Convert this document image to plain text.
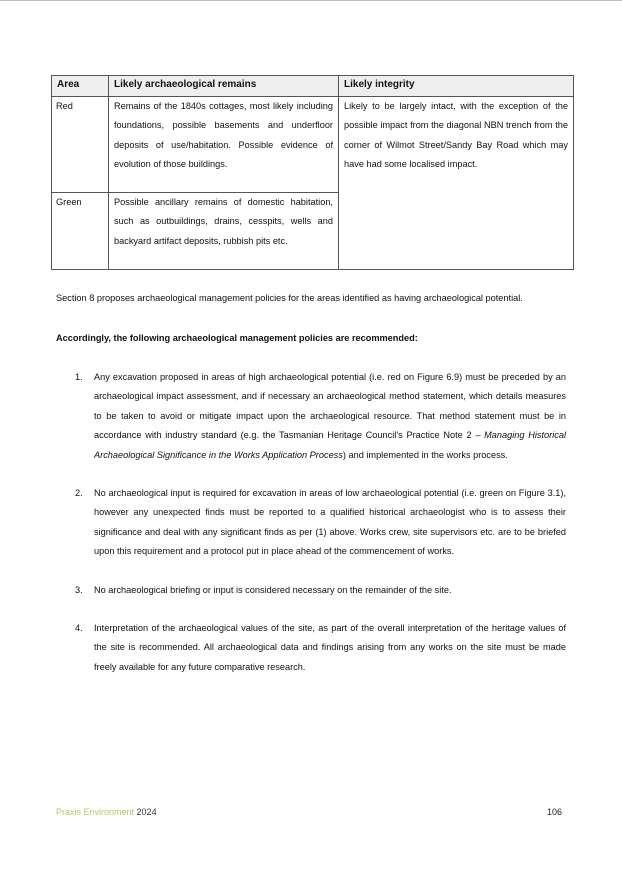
Area	Likely archaeological remains	Likely integrity
Red	Remains of the 1840s cottages, most likely including foundations, possible basements and underfloor deposits of use/habitation. Possible evidence of evolution of those buildings.	Likely to be largely intact, with the exception of the possible impact from the diagonal NBN trench from the corner of Wilmot Street/Sandy Bay Road which may have had some localised impact.
Green	Possible ancillary remains of domestic habitation, such as outbuildings, drains, cesspits, wells and backyard artifact deposits, rubbish pits etc.	

Section 8 proposes archaeological management policies for the areas identified as having archaeological potential.

Accordingly, the following archaeological management policies are recommended:

1. Any excavation proposed in areas of high archaeological potential (i.e. red on Figure 6.9) must be preceded by an archaeological impact assessment, and if necessary an archaeological method statement, which details measures to be taken to avoid or mitigate impact upon the archaeological resource. That method statement must be in accordance with industry standard (e.g. the Tasmanian Heritage Council’s Practice Note 2 – Managing Historical Archaeological Significance in the Works Application Process) and implemented in the works process.
2. No archaeological input is required for excavation in areas of low archaeological potential (i.e. green on Figure 3.1), however any unexpected finds must be reported to a qualified historical archaeologist who is to assess their significance and deal with any significant finds as per (1) above. Works crew, site supervisors etc. are to be briefed upon this requirement and a protocol put in place ahead of the commencement of works.
3. No archaeological briefing or input is considered necessary on the remainder of the site.
4. Interpretation of the archaeological values of the site, as part of the overall interpretation of the heritage values of the site is recommended. All archaeological data and findings arising from any works on the site must be made freely available for any future comparative research.
Praxis Environment 2024	106
